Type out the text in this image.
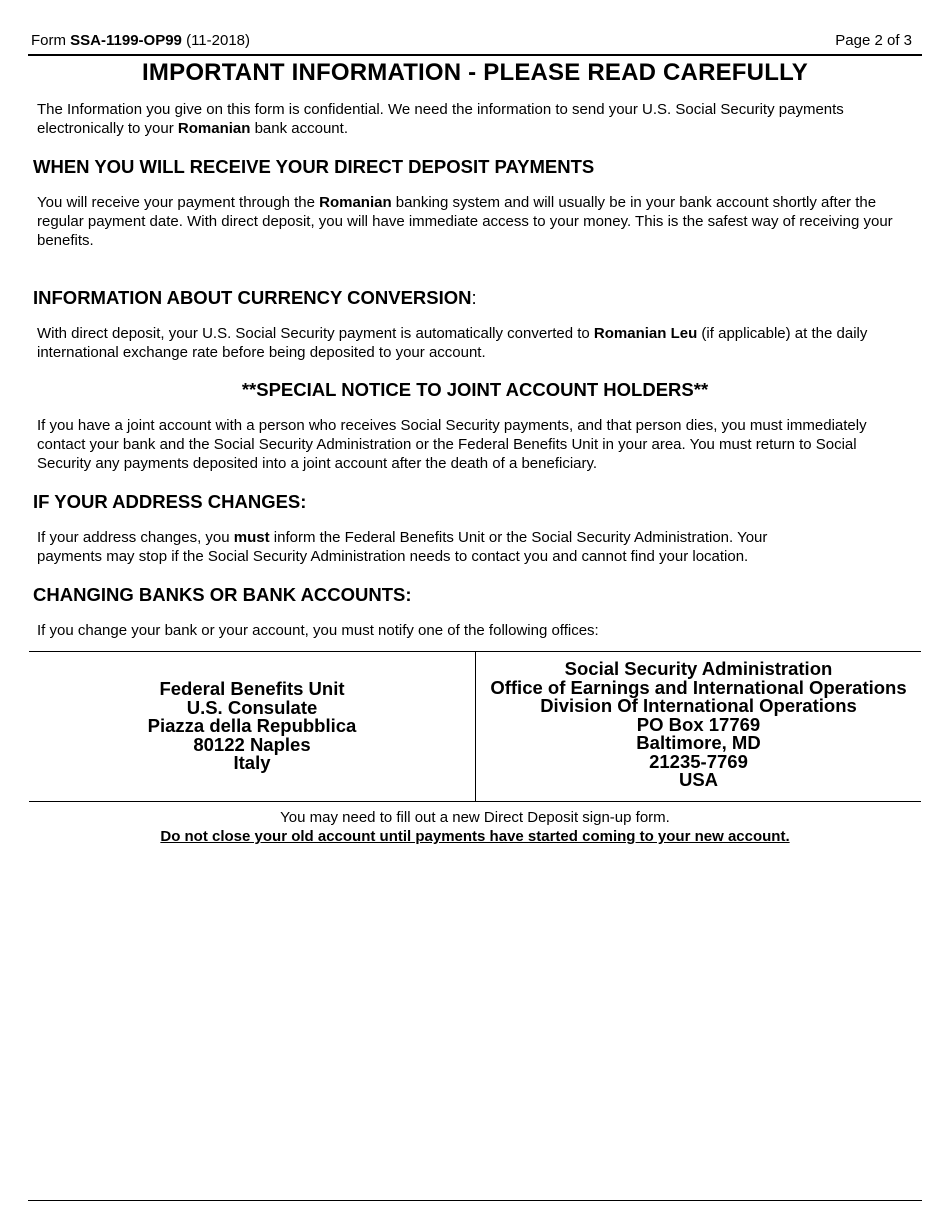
Form SSA-1199-OP99 (11-2018)	Page 2 of 3
IMPORTANT INFORMATION - PLEASE READ CAREFULLY
The Information you give on this form is confidential. We need the information to send your U.S. Social Security payments electronically to your Romanian bank account.
WHEN YOU WILL RECEIVE YOUR DIRECT DEPOSIT PAYMENTS
You will receive your payment through the Romanian banking system and will usually be in your bank account shortly after the regular payment date. With direct deposit, you will have immediate access to your money. This is the safest way of receiving your benefits.
INFORMATION ABOUT CURRENCY CONVERSION:
With direct deposit, your U.S. Social Security payment is automatically converted to Romanian Leu (if applicable) at the daily international exchange rate before being deposited to your account.
**SPECIAL NOTICE TO JOINT ACCOUNT HOLDERS**
If you have a joint account with a person who receives Social Security payments, and that person dies, you must immediately contact your bank and the Social Security Administration or the Federal Benefits Unit in your area. You must return to Social Security any payments deposited into a joint account after the death of a beneficiary.
IF YOUR ADDRESS CHANGES:
If your address changes, you must inform the Federal Benefits Unit or the Social Security Administration. Your
payments may stop if the Social Security Administration needs to contact you and cannot find your location.
CHANGING BANKS OR BANK ACCOUNTS:
If you change your bank or your account, you must notify one of the following offices:
Federal Benefits Unit
U.S. Consulate
Piazza della Repubblica
80122 Naples
Italy
Social Security Administration
Office of Earnings and International Operations
Division Of International Operations
PO Box 17769
Baltimore, MD
21235-7769
USA
You may need to fill out a new Direct Deposit sign-up form.
Do not close your old account until payments have started coming to your new account.
